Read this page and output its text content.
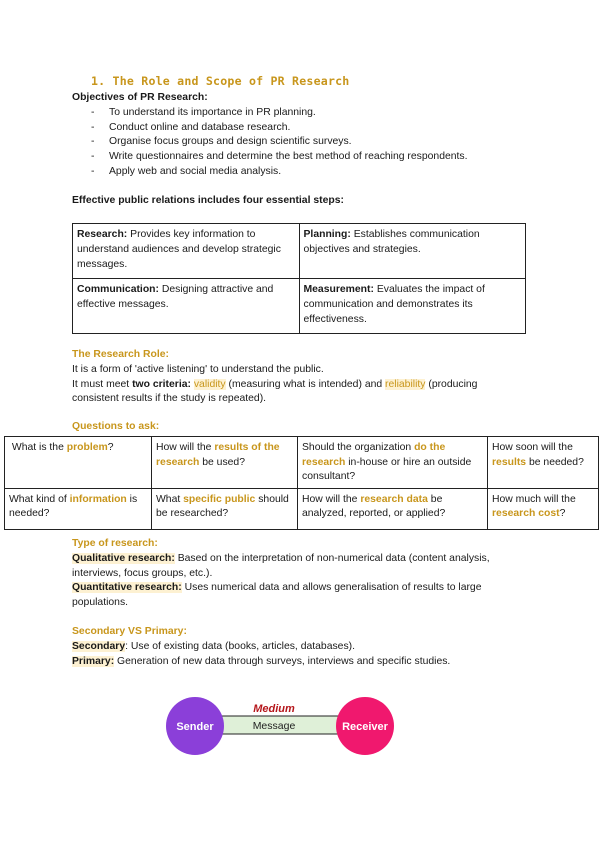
1. The Role and Scope of PR Research
Objectives of PR Research:
- To understand its importance in PR planning.
- Conduct online and database research.
- Organise focus groups and design scientific surveys.
- Write questionnaires and determine the best method of reaching respondents.
- Apply web and social media analysis.
Effective public relations includes four essential steps:
Research: Provides key information to understand audiences and develop strategic messages.	Planning: Establishes communication objectives and strategies.
Communication: Designing attractive and effective messages.	Measurement: Evaluates the impact of communication and demonstrates its effectiveness.
The Research Role:

It is a form of 'active listening' to understand the public.

It must meet two criteria: validity (measuring what is intended) and reliability (producing consistent results if the study is repeated).

Questions to ask:
What is the problem?	How will the results of the research be used?	Should the organization do the research in-house or hire an outside consultant?	How soon will the results be needed?
What kind of information is needed?	What specific public should be researched?	How will the research data be analyzed, reported, or applied?	How much will the research cost?
Type of research:

Qualitative research: Based on the interpretation of non-numerical data (content analysis, interviews, focus groups, etc.).

Quantitative research: Uses numerical data and allows generalisation of results to large populations.

Secondary VS Primary:

Secondary: Use of existing data (books, articles, databases).

Primary: Generation of new data through surveys, interviews and specific studies.

Medium
Message
Sender	Receiver
